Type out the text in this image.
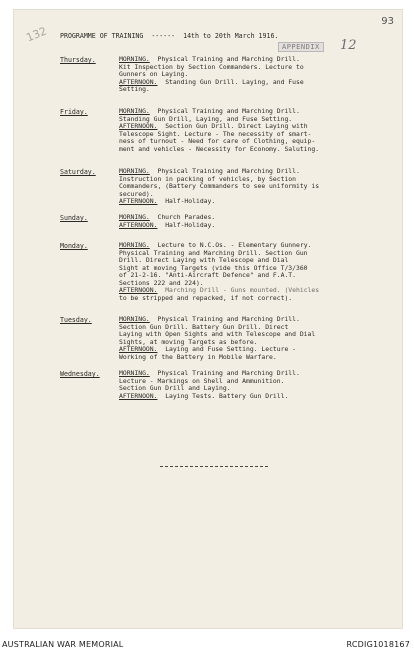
132
93
APPENDIX	12
PROGRAMME OF TRAINING ------ 14th to 20th March 1916.
Thursday.	MORNING. Physical Training and Marching Drill.
Kit Inspection by Section Commanders. Lecture to
Gunners on Laying.
AFTERNOON. Standing Gun Drill. Laying, and Fuse
Setting.
Friday.	MORNING. Physical Training and Marching Drill.
Standing Gun Drill, Laying, and Fuse Setting.
AFTERNOON. Section Gun Drill. Direct Laying with
Telescope Sight. Lecture - The necessity of smart-
ness of turnout - Need for care of Clothing, equip-
ment and vehicles - Necessity for Economy. Saluting.
Saturday.	MORNING. Physical Training and Marching Drill.
Instruction in packing of vehicles, by Section
Commanders, (Battery Commanders to see uniformity is
secured).
AFTERNOON. Half-Holiday.
Sunday.	MORNING. Church Parades.
AFTERNOON. Half-Holiday.
Monday.	MORNING. Lecture to N.C.Os. - Elementary Gunnery.
Physical Training and Marching Drill. Section Gun
Drill. Direct Laying with Telescope and Dial
Sight at moving Targets (vide this Office T/3/360
of 21-2-16. "Anti-Aircraft Defence" and F.A.T.
Sections 222 and 224).
AFTERNOON. Marching Drill - Guns mounted. (Vehicles
to be stripped and repacked, if not correct).
Tuesday.	MORNING. Physical Training and Marching Drill.
Section Gun Drill. Battery Gun Drill. Direct
Laying with Open Sights and with Telescope and Dial
Sights, at moving Targets as before.
AFTERNOON. Laying and Fuse Setting. Lecture -
Working of the Battery in Mobile Warfare.
Wednesday.	MORNING. Physical Training and Marching Drill.
Lecture - Markings on Shell and Ammunition.
Section Gun Drill and Laying.
AFTERNOON. Laying Tests. Battery Gun Drill.
AUSTRALIAN WAR MEMORIAL	RCDIG1018167
